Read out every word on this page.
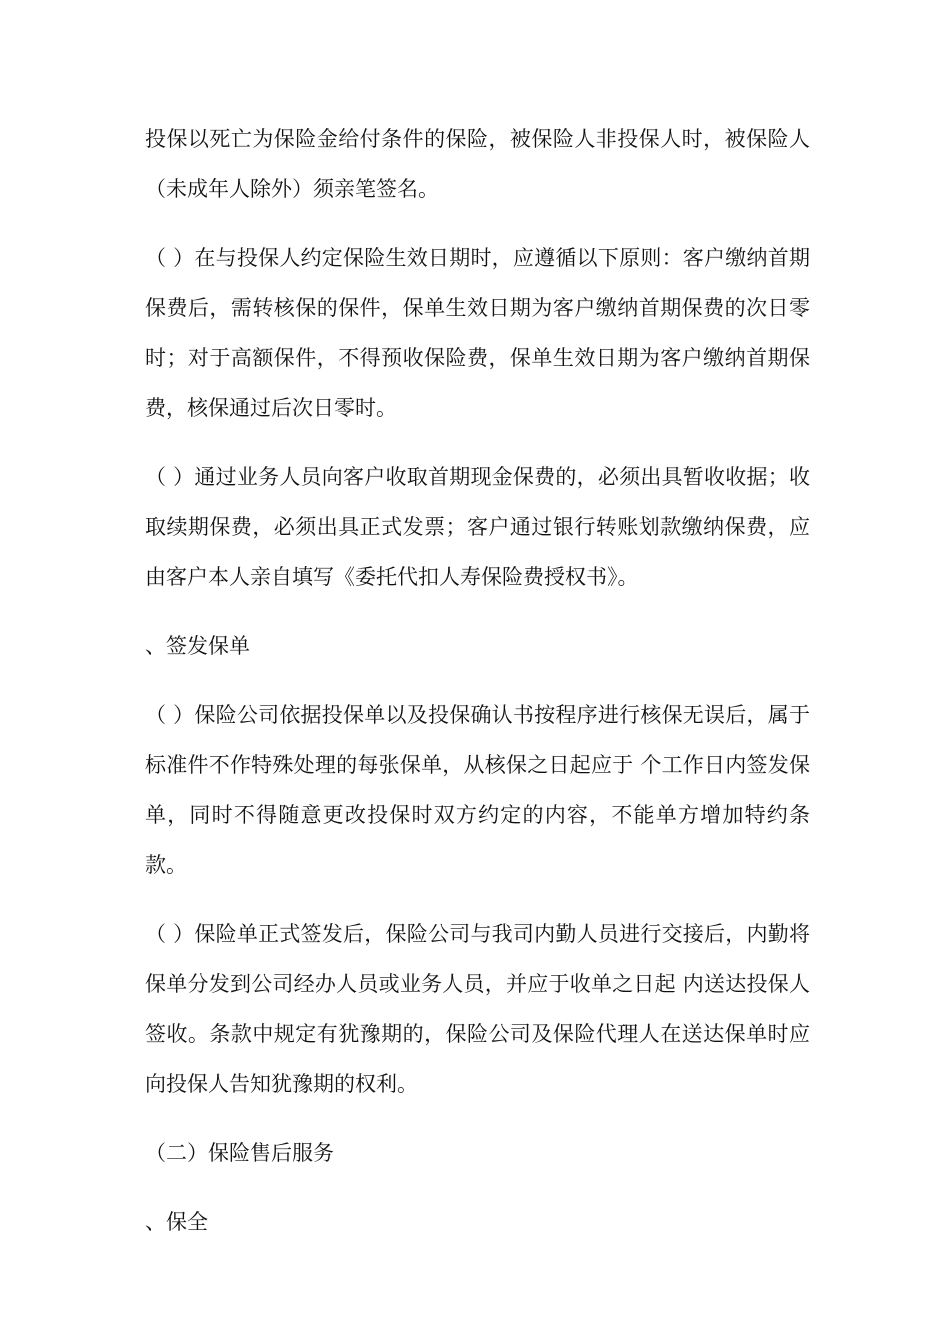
投保以死亡为保险金给付条件的保险，被保险人非投保人时，被保险人（未成年人除外）须亲笔签名。

（ ）在与投保人约定保险生效日期时，应遵循以下原则：客户缴纳首期保费后，需转核保的保件，保单生效日期为客户缴纳首期保费的次日零时；对于高额保件，不得预收保险费，保单生效日期为客户缴纳首期保费，核保通过后次日零时。

（ ）通过业务人员向客户收取首期现金保费的，必须出具暂收收据；收取续期保费，必须出具正式发票；客户通过银行转账划款缴纳保费，应由客户本人亲自填写《委托代扣人寿保险费授权书》。

、签发保单

（ ）保险公司依据投保单以及投保确认书按程序进行核保无误后，属于标准件不作特殊处理的每张保单，从核保之日起应于 个工作日内签发保单，同时不得随意更改投保时双方约定的内容，不能单方增加特约条款。

（ ）保险单正式签发后，保险公司与我司内勤人员进行交接后，内勤将保单分发到公司经办人员或业务人员，并应于收单之日起 内送达投保人签收。条款中规定有犹豫期的，保险公司及保险代理人在送达保单时应向投保人告知犹豫期的权利。

（二）保险售后服务

、保全
